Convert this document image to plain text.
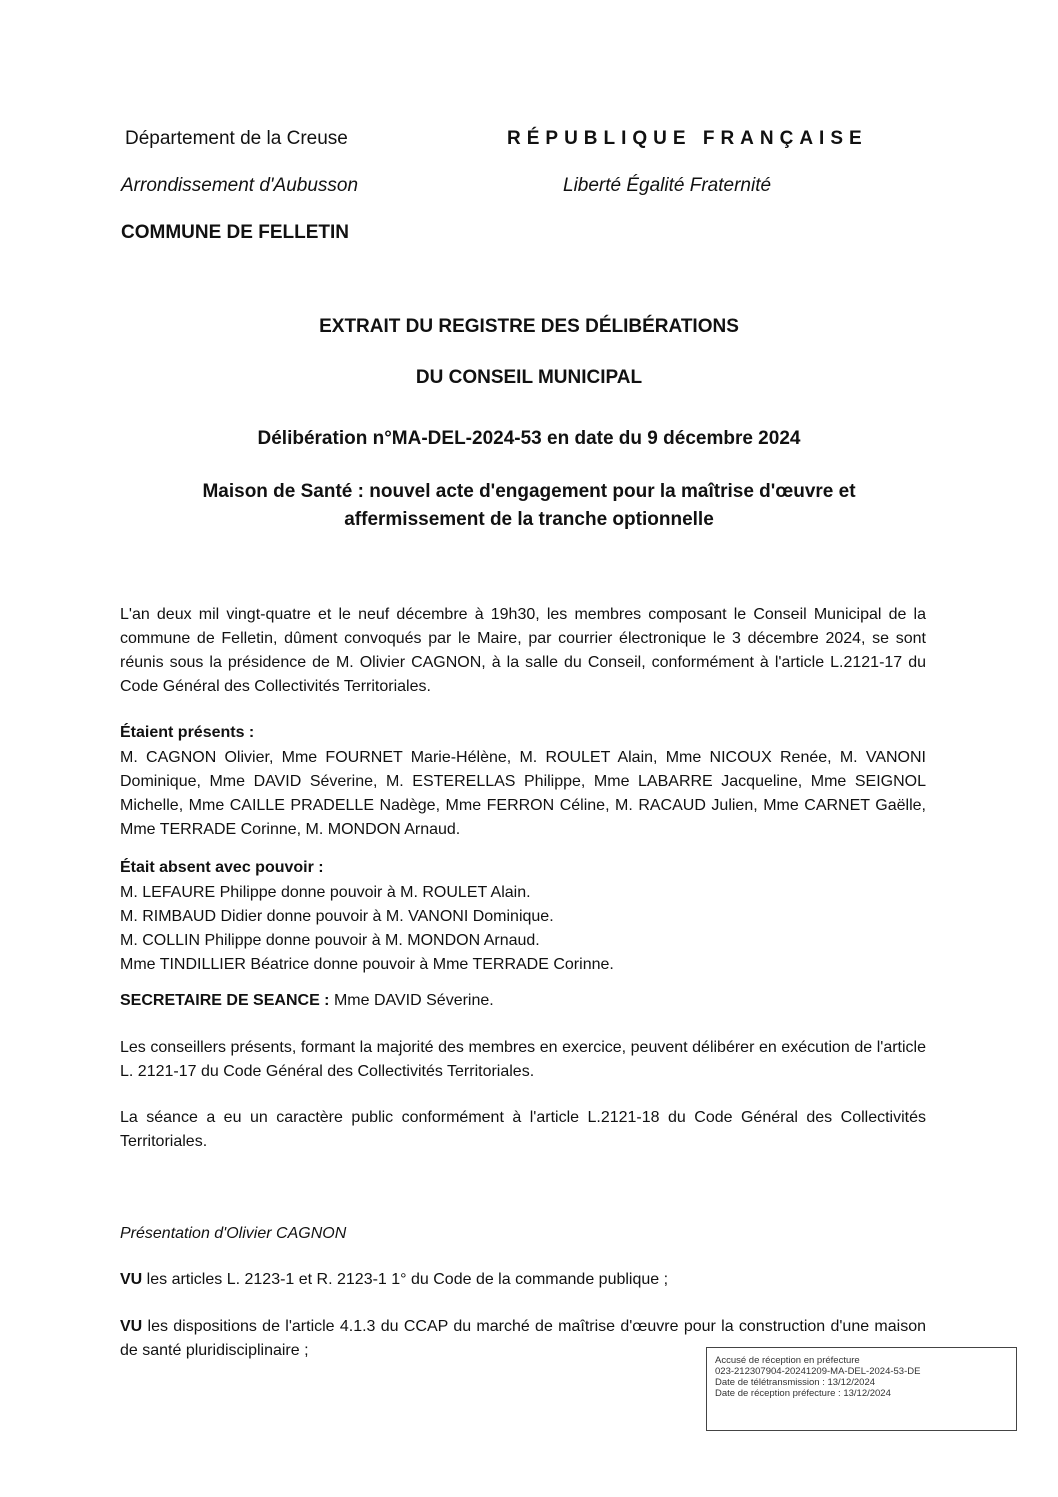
Département de la Creuse
Arrondissement d'Aubusson
COMMUNE DE FELLETIN
RÉPUBLIQUE FRANÇAISE
Liberté Égalité Fraternité
EXTRAIT DU REGISTRE DES DÉLIBÉRATIONS
DU CONSEIL MUNICIPAL
Délibération n°MA-DEL-2024-53 en date du 9 décembre 2024
Maison de Santé : nouvel acte d'engagement pour la maîtrise d'œuvre et
affermissement de la tranche optionnelle
L'an deux mil vingt-quatre et le neuf décembre à 19h30, les membres composant le Conseil Municipal de la commune de Felletin, dûment convoqués par le Maire, par courrier électronique le 3 décembre 2024, se sont réunis sous la présidence de M. Olivier CAGNON, à la salle du Conseil, conformément à l'article L.2121-17 du Code Général des Collectivités Territoriales.
Étaient présents :
M. CAGNON Olivier, Mme FOURNET Marie-Hélène, M. ROULET Alain, Mme NICOUX Renée, M. VANONI Dominique, Mme DAVID Séverine, M. ESTERELLAS Philippe, Mme LABARRE Jacqueline, Mme SEIGNOL Michelle, Mme CAILLE PRADELLE Nadège, Mme FERRON Céline, M. RACAUD Julien, Mme CARNET Gaëlle, Mme TERRADE Corinne, M. MONDON Arnaud.
Était absent avec pouvoir :
M. LEFAURE Philippe donne pouvoir à M. ROULET Alain.
M. RIMBAUD Didier donne pouvoir à M. VANONI Dominique.
M. COLLIN Philippe donne pouvoir à M. MONDON Arnaud.
Mme TINDILLIER Béatrice donne pouvoir à Mme TERRADE Corinne.
SECRETAIRE DE SEANCE : Mme DAVID Séverine.
Les conseillers présents, formant la majorité des membres en exercice, peuvent délibérer en exécution de l'article L. 2121-17 du Code Général des Collectivités Territoriales.
La séance a eu un caractère public conformément à l'article L.2121-18 du Code Général des Collectivités Territoriales.
Présentation d'Olivier CAGNON
VU les articles L. 2123-1 et R. 2123-1 1° du Code de la commande publique ;
VU les dispositions de l'article 4.1.3 du CCAP du marché de maîtrise d'œuvre pour la construction d'une maison de santé pluridisciplinaire ;
Accusé de réception en préfecture
023-212307904-20241209-MA-DEL-2024-53-DE
Date de télétransmission : 13/12/2024
Date de réception préfecture : 13/12/2024
